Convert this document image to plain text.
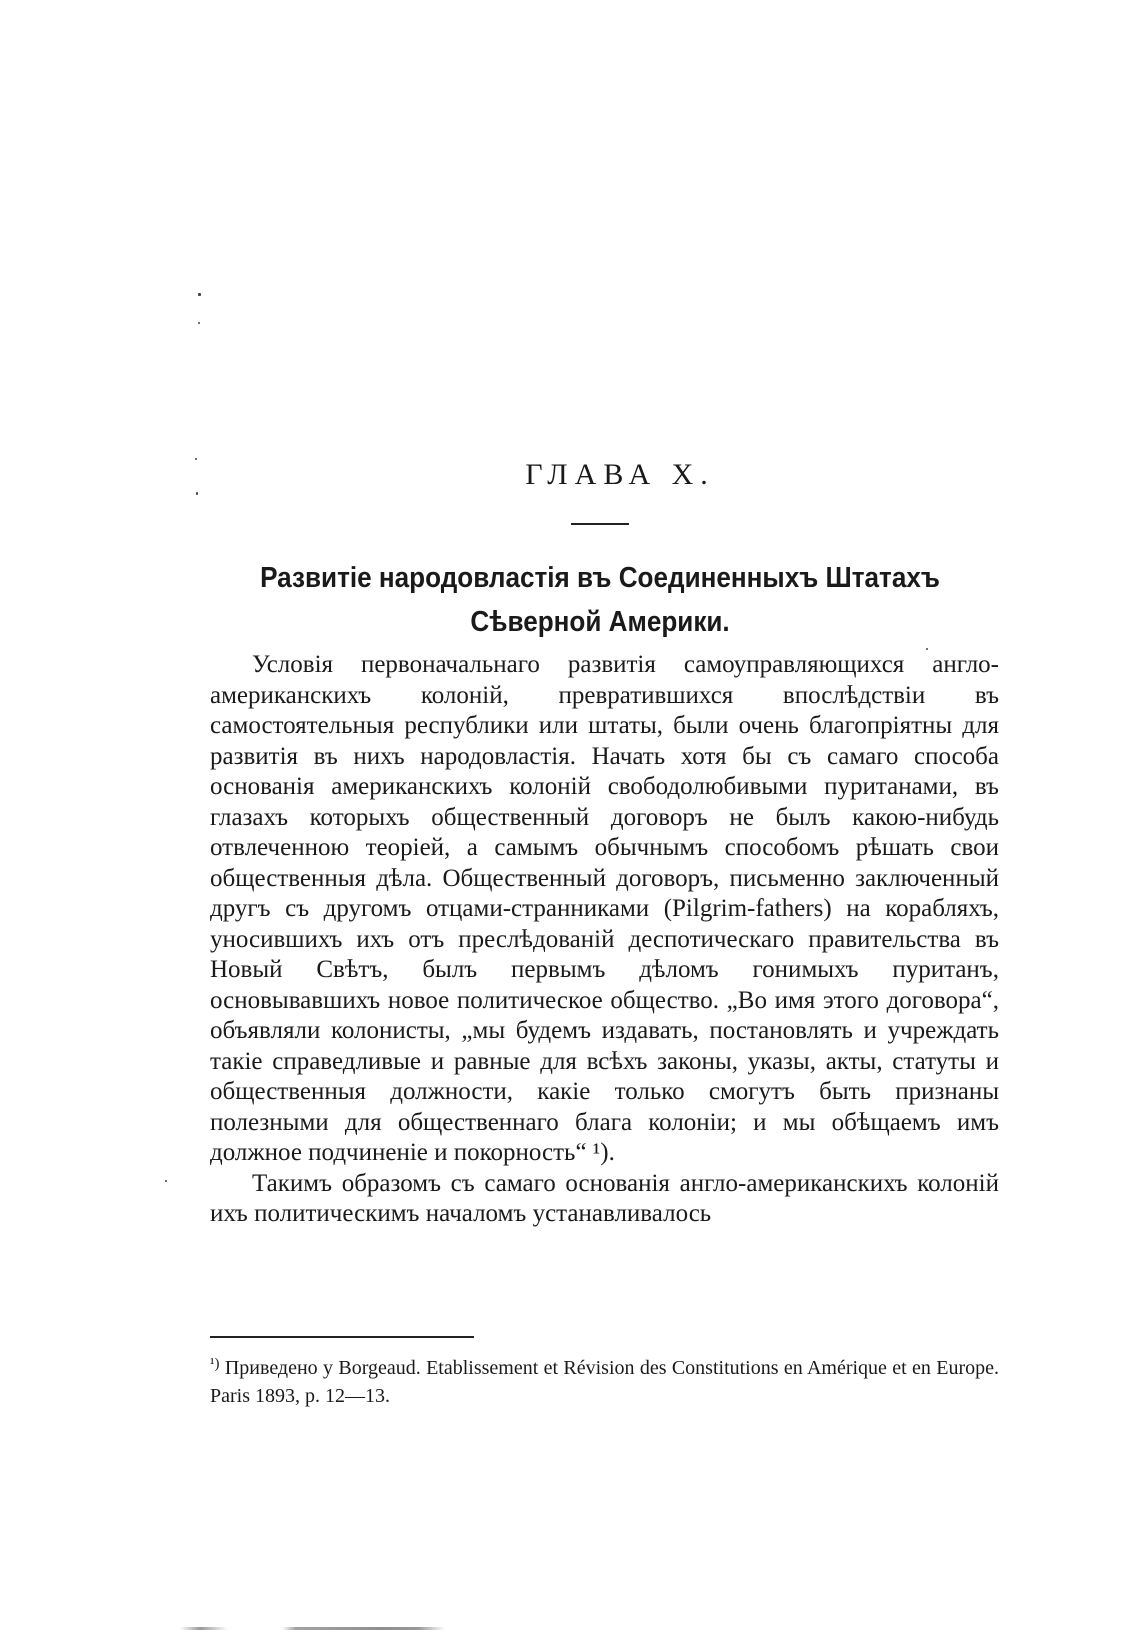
ГЛАВА X.
Развитіе народовластія въ Соединенныхъ Штатахъ Сѣверной Америки.

Условія первоначальнаго развитія самоуправляющихся англо-американскихъ колоній, превратившихся впослѣдствіи въ самостоятельныя республики или штаты, были очень благопріятны для развитія въ нихъ народовластія. Начать хотя бы съ самаго способа основанія американскихъ колоній свободолюбивыми пуританами, въ глазахъ которыхъ общественный договоръ не былъ какою-нибудь отвлеченною теоріей, а самымъ обычнымъ способомъ рѣшать свои общественныя дѣла. Общественный договоръ, письменно заключенный другъ съ другомъ отцами-странниками (Pilgrim-fathers) на корабляхъ, уносившихъ ихъ отъ преслѣдованій деспотическаго правительства въ Новый Свѣтъ, былъ первымъ дѣломъ гонимыхъ пуританъ, основывавшихъ новое политическое общество. „Во имя этого договора“, объявляли колонисты, „мы будемъ издавать, постановлять и учреждать такіе справедливые и равные для всѣхъ законы, указы, акты, статуты и общественныя должности, какіе только смогутъ быть признаны полезными для общественнаго блага колоніи; и мы обѣщаемъ имъ должное подчиненіе и покорность“ ¹).

Такимъ образомъ съ самаго основанія англо-американскихъ колоній ихъ политическимъ началомъ устанавливалось

$^{^1)}$ Приведено у Borgeaud. Etablissement et Révision des Constitutions en Amérique et en Europe. Paris 1893, p. 12—13.
